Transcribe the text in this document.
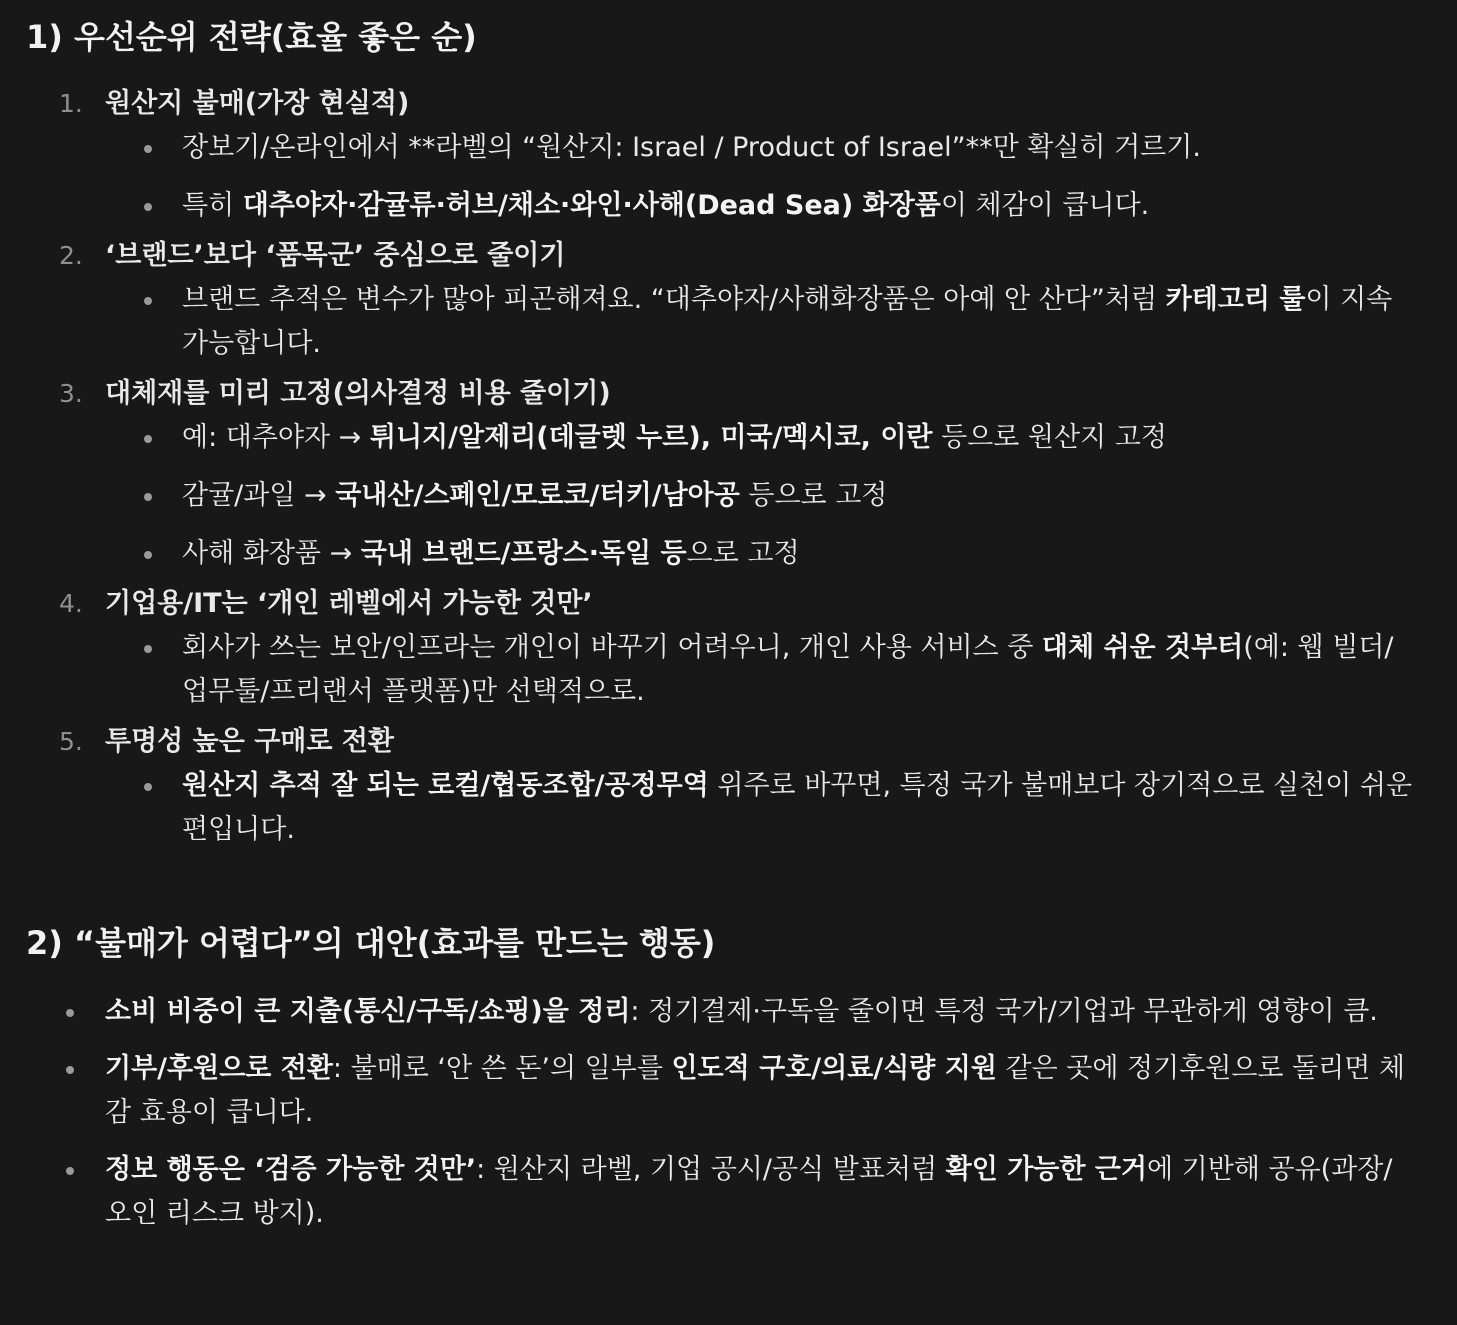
1) 우선순위 전략(효율 좋은 순)
1. 원산지 불매(가장 현실적)
장보기/온라인에서 **라벨의 “원산지: Israel / Product of Israel”**만 확실히 거르기.
특히 대추야자·감귤류·허브/채소·와인·사해(Dead Sea) 화장품이 체감이 큽니다.
2. ‘브랜드’보다 ‘품목군’ 중심으로 줄이기
브랜드 추적은 변수가 많아 피곤해져요. “대추야자/사해화장품은 아예 안 산다”처럼 카테고리 룰이 지속 가능합니다.
3. 대체재를 미리 고정(의사결정 비용 줄이기)
예: 대추야자 → 튀니지/알제리(데글렛 누르), 미국/멕시코, 이란 등으로 원산지 고정
감귤/과일 → 국내산/스페인/모로코/터키/남아공 등으로 고정
사해 화장품 → 국내 브랜드/프랑스·독일 등으로 고정
4. 기업용/IT는 ‘개인 레벨에서 가능한 것만’
회사가 쓰는 보안/인프라는 개인이 바꾸기 어려우니, 개인 사용 서비스 중 대체 쉬운 것부터(예: 웹 빌더/업무툴/프리랜서 플랫폼)만 선택적으로.
5. 투명성 높은 구매로 전환
원산지 추적 잘 되는 로컬/협동조합/공정무역 위주로 바꾸면, 특정 국가 불매보다 장기적으로 실천이 쉬운 편입니다.
2) “불매가 어렵다”의 대안(효과를 만드는 행동)
소비 비중이 큰 지출(통신/구독/쇼핑)을 정리: 정기결제·구독을 줄이면 특정 국가/기업과 무관하게 영향이 큼.
기부/후원으로 전환: 불매로 ‘안 쓴 돈’의 일부를 인도적 구호/의료/식량 지원 같은 곳에 정기후원으로 돌리면 체감 효용이 큽니다.
정보 행동은 ‘검증 가능한 것만’: 원산지 라벨, 기업 공시/공식 발표처럼 확인 가능한 근거에 기반해 공유(과장/오인 리스크 방지).
